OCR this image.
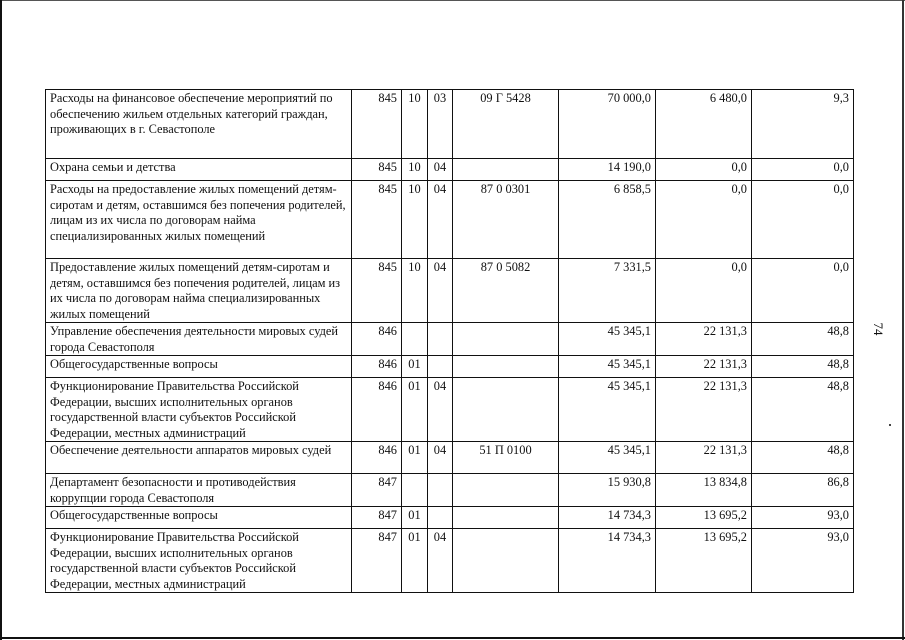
74
Расходы на финансовое обеспечение мероприятий по обеспечению жильем отдельных категорий граждан, проживающих в г. Севастополе	845	10	03	09 Г 5428	70 000,0	6 480,0	9,3
Охрана семьи и детства	845	10	04		14 190,0	0,0	0,0
Расходы на предоставление жилых помещений детям-сиротам и детям, оставшимся без попечения родителей, лицам из их числа по договорам найма специализированных жилых помещений	845	10	04	87 0 0301	6 858,5	0,0	0,0
Предоставление жилых помещений детям-сиротам и детям, оставшимся без попечения родителей, лицам из их числа по договорам найма специализированных жилых помещений	845	10	04	87 0 5082	7 331,5	0,0	0,0
Управление обеспечения деятельности мировых судей города Севастополя	846				45 345,1	22 131,3	48,8
Общегосударственные вопросы	846	01			45 345,1	22 131,3	48,8
Функционирование Правительства Российской Федерации, высших исполнительных органов государственной власти субъектов Российской Федерации, местных администраций	846	01	04		45 345,1	22 131,3	48,8
Обеспечение деятельности аппаратов мировых судей	846	01	04	51 П 0100	45 345,1	22 131,3	48,8
Департамент безопасности и противодействия коррупции города Севастополя	847				15 930,8	13 834,8	86,8
Общегосударственные вопросы	847	01			14 734,3	13 695,2	93,0
Функционирование Правительства Российской Федерации, высших исполнительных органов государственной власти субъектов Российской Федерации, местных администраций	847	01	04		14 734,3	13 695,2	93,0
